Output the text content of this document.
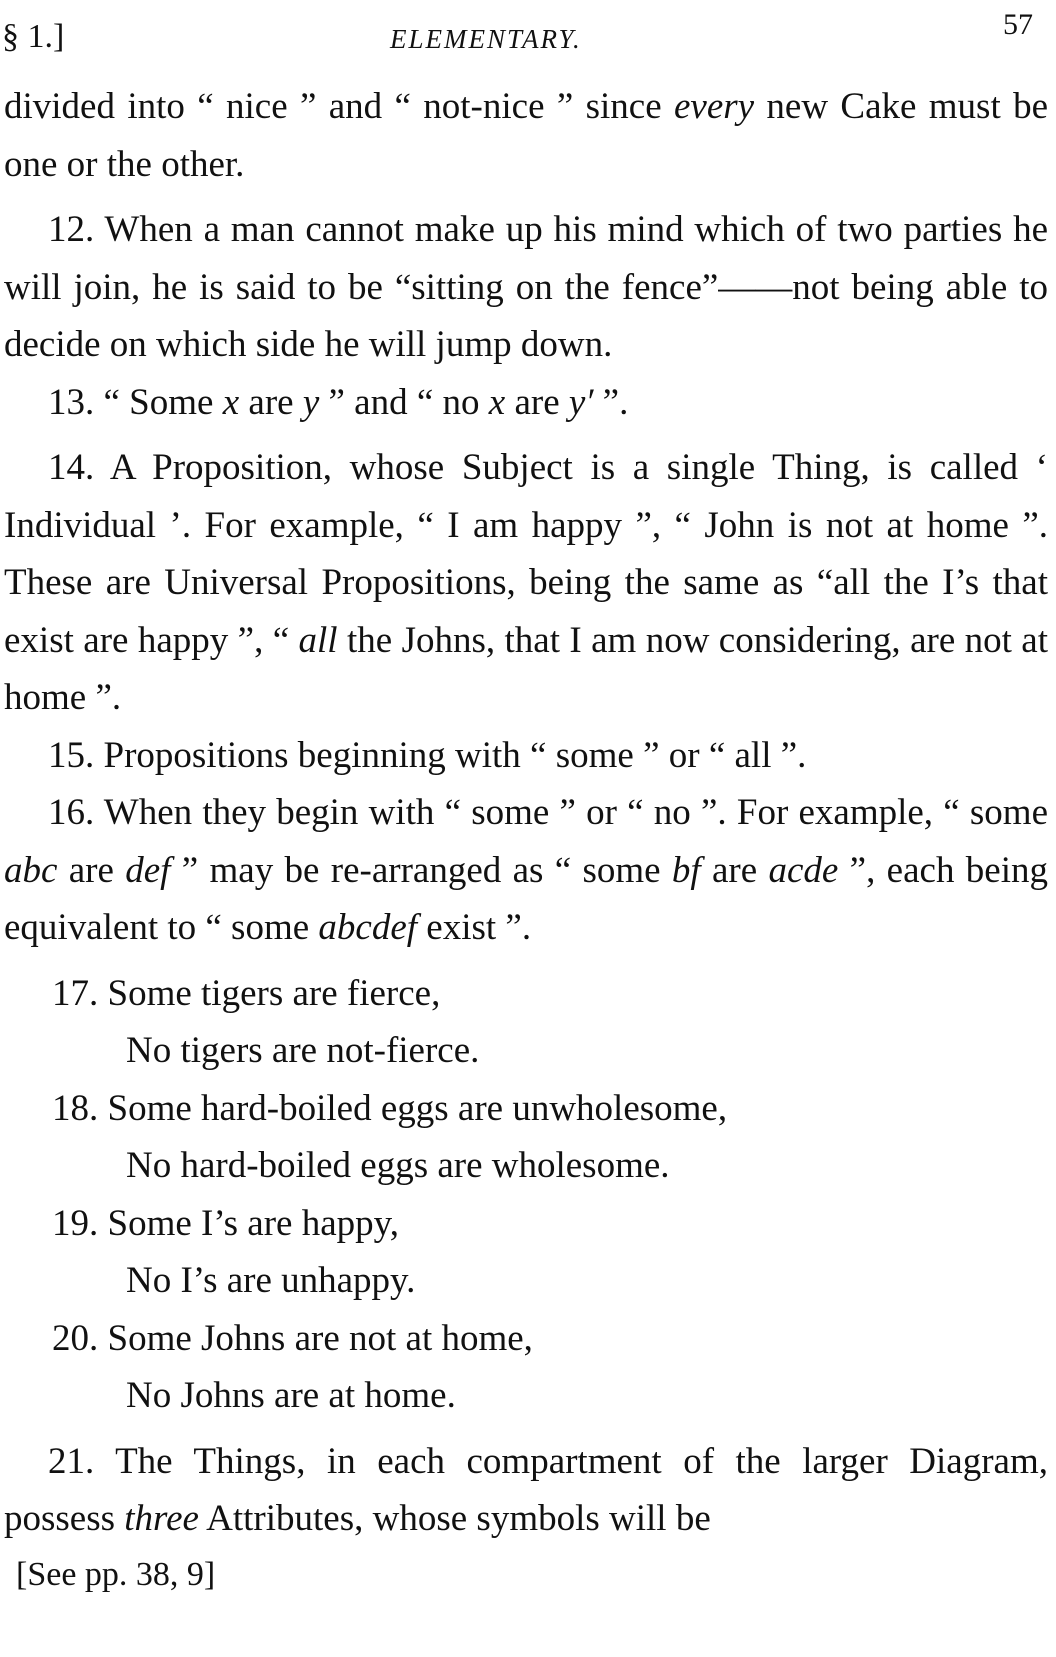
§ 1.]	ELEMENTARY.	57

divided into “ nice ” and “ not-nice ” since every new Cake must be one or the other.

12. When a man cannot make up his mind which of two parties he will join, he is said to be “sitting on the fence”——not being able to decide on which side he will jump down.

13. “ Some x are y ” and “ no x are y′ ”.

14. A Proposition, whose Subject is a single Thing, is called ‘ Individual ’. For example, “ I am happy ”, “ John is not at home ”. These are Universal Propositions, being the same as “all the I’s that exist are happy ”, “ all the Johns, that I am now considering, are not at home ”.

15. Propositions beginning with “ some ” or “ all ”.

16. When they begin with “ some ” or “ no ”. For example, “ some abc are def ” may be re-arranged as “ some bf are acde ”, each being equivalent to “ some abcdef exist ”.

17. Some tigers are fierce,
No tigers are not-fierce.
18. Some hard-boiled eggs are unwholesome,
No hard-boiled eggs are wholesome.
19. Some I’s are happy,
No I’s are unhappy.
20. Some Johns are not at home,
No Johns are at home.

21. The Things, in each compartment of the larger Diagram, possess three Attributes, whose symbols will be

[See pp. 38, 9]
